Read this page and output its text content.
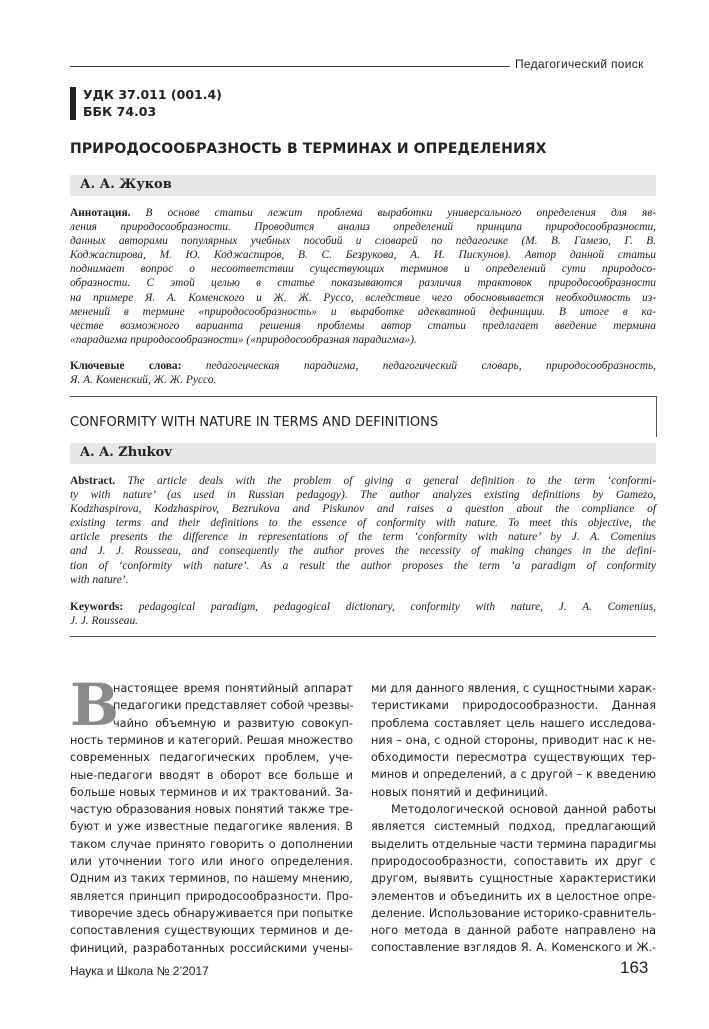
Педагогический поиск
УДК 37.011 (001.4)
ББК 74.03
ПРИРОДОСООБРАЗНОСТЬ В ТЕРМИНАХ И ОПРЕДЕЛЕНИЯХ
А. А. Жуков
Аннотация. В основе статьи лежит проблема выработки универсального определения для яв-
ления природосообразности. Проводится анализ определений принципа природосообразности,
данных авторами популярных учебных пособий и словарей по педагогике (М. В. Гамезо, Г. В.
Коджаспирова, М. Ю. Коджаспиров, В. С. Безрукова, А. И. Пискунов). Автор данной статьи
поднимает вопрос о несоответствии существующих терминов и определений сути природосо-
образности. С этой целью в статье показываются различия трактовок природосообразности
на примере Я. А. Коменского и Ж. Ж. Руссо, вследствие чего обосновывается необходимость из-
менений в термине «природосообразность» и выработке адекватной дефиниции. В итоге в ка-
честве возможного варианта решения проблемы автор статьи предлагает введение термина
«парадигма природосообразности» («природосообразная парадигма»).
Ключевые слова: педагогическая парадигма, педагогический словарь, природосообразность,
Я. А. Коменский, Ж. Ж. Руссо.
CONFORMITY WITH NATURE IN TERMS AND DEFINITIONS
A. A. Zhukov
Abstract. The article deals with the problem of giving a general definition to the term ‘conformi-
ty with nature’ (as used in Russian pedagogy). The author analyzes existing definitions by Gamezo,
Kodzhaspirova, Kodzhaspirov, Bezrukova and Piskunov and raises a question about the compliance of
existing terms and their definitions to the essence of conformity with nature. To meet this objective, the
article presents the difference in representations of the term ‘conformity with nature’ by J. A. Comenius
and J. J. Rousseau, and consequently the author proves the necessity of making changes in the defini-
tion of ‘conformity with nature’. As a result the author proposes the term ‘a paradigm of conformity
with nature’.
Keywords: pedagogical paradigm, pedagogical dictionary, conformity with nature, J. A. Comenius,
J. J. Rousseau.
В
настоящее время понятийный аппарат
педагогики представляет собой чрезвы-
чайно объемную и развитую совокуп-
ность терминов и категорий. Решая множество
современных педагогических проблем, уче-
ные-педагоги вводят в оборот все больше и
больше новых терминов и их трактований. За-
частую образования новых понятий также тре-
буют и уже известные педагогике явления. В
таком случае принято говорить о дополнении
или уточнении того или иного определения.
Одним из таких терминов, по нашему мнению,
является принцип природосообразности. Про-
тиворечие здесь обнаруживается при попытке
сопоставления существующих терминов и де-
финиций, разработанных российскими учены-
ми для данного явления, с сущностными харак-
теристиками природосообразности. Данная
проблема составляет цель нашего исследова-
ния – она, с одной стороны, приводит нас к не-
обходимости пересмотра существующих тер-
минов и определений, а с другой – к введению
новых понятий и дефиниций.
Методологической основой данной работы
является системный подход, предлагающий
выделить отдельные части термина парадигмы
природосообразности, сопоставить их друг с
другом, выявить сущностные характеристики
элементов и объединить их в целостное опре-
деление. Использование историко-сравнитель-
ного метода в данной работе направлено на
сопоставление взглядов Я. А. Коменского и Ж.-
Наука и Школа № 2’2017	163
